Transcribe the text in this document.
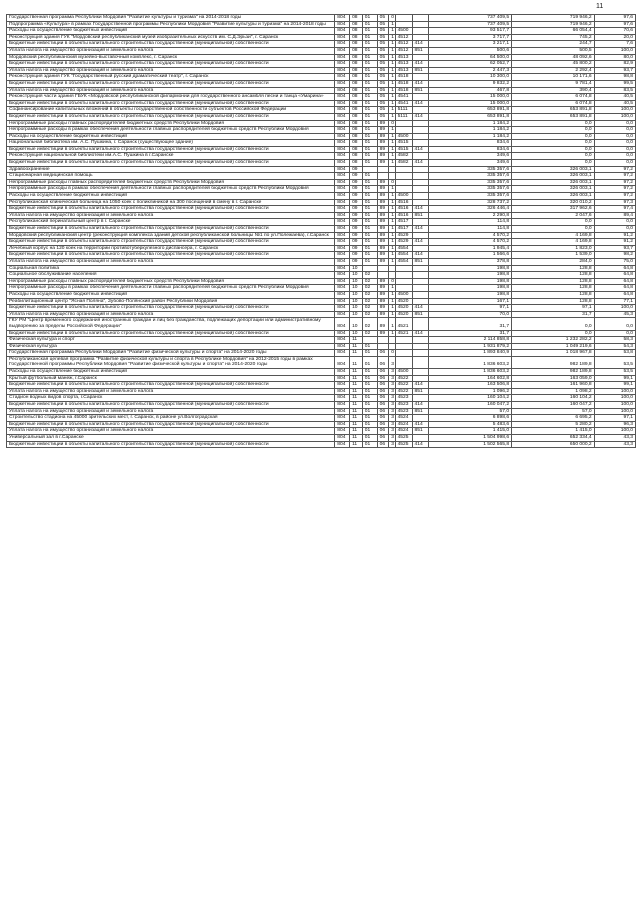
11
Государственная программа Республики Мордовия "Развитие культуры и туризма" на 2014-2018 годы	804	08	01	05	0			737 409,5	719 946,2	97,6
Подпрограмма «Культура» в рамках Государственной программы Республики Мордовия "Развитие культуры и туризма" на 2014-2018 годы	804	08	01	05	1			737 409,5	719 946,2	97,6
Расходы на осуществление бюджетных инвестиций	804	08	01	05	1	4500		93 517,7	66 054,4	70,6
Реконструкция здания ГУК "Мордовский республиканский музей изобразительных искусств им. С.Д.Эрьзи", г. Саранск	804	08	01	05	1	4512		3 717,7	745,2	20,0
Бюджетные инвестиции в объекты капитального строительства государственной (муниципальной) собственности	804	08	01	05	1	4512	414	3 217,1	244,7	7,6
Уплата налога на имущество организаций и земельного налога	804	08	01	05	1	4512	851	500,6	500,5	100,0
Мордовский республиканский музейно-выставочный комплекс, г. Саранск	804	08	01	05	1	4513		64 500,0	48 092,6	80,0
Бюджетные инвестиции в объекты капитального строительства государственной (муниципальной) собственности	804	08	01	05	1	4513	414	62 052,7	45 800,2	82,9
Уплата налога на имущество организаций и земельного налога	804	08	01	05	1	4513	851	2 447,3	2 292,4	93,7
Реконструкция здания ГУК "Государственный русский драматический театр", г. Саранск	804	08	01	05	1	4518		10 300,0	10 171,6	98,8
Бюджетные инвестиции в объекты капитального строительства государственной (муниципальной) собственности	804	08	01	05	1	4518	414	9 832,2	9 781,4	99,5
Уплата налога на имущество организаций и земельного налога	804	08	01	05	1	4518	851	467,8	390,4	83,5
Реконструкция части здания ГБУК «Мордовской республиканской филармонии для государственного ансамбля песни и танца «Умарина»	804	08	01	05	1	4541		15 000,0	6 074,8	40,5
Бюджетные инвестиции в объекты капитального строительства государственной (муниципальной) собственности	804	08	01	05	1	4541	414	15 000,0	6 074,8	40,5
Софинансирование капитальных вложений в объекты государственной собственности субъектов Российской Федерации	804	08	01	05	1	5111		653 891,8	653 891,8	100,0
Бюджетные инвестиции в объекты капитального строительства государственной (муниципальной) собственности	804	08	01	05	1	5111	414	653 891,8	653 891,8	100,0
Непрограммные расходы главных распорядителей бюджетных средств Республики Мордовия	804	08	01	89	0			1 184,2	0,0	0,0
Непрограммные расходы в рамках обеспечения деятельности главных распорядителей бюджетных средств Республики Мордовия	804	08	01	89	1			1 184,2	0,0	0,0
Расходы на осуществление бюджетных инвестиций	804	08	01	89	1	4500		1 184,2	0,0	0,0
Национальная библиотека им. А.С. Пушкина, г. Саранск (существующее здание)	804	08	01	89	1	4515		834,6	0,0	0,0
Бюджетные инвестиции в объекты капитального строительства государственной (муниципальной) собственности	804	08	01	89	1	4515	414	834,6	0,0	0,0
Реконструкция национальной библиотеки им.А.С. Пушкина в г.Саранске	804	08	01	89	1	4582		349,6	0,0	0,0
Бюджетные инвестиции в объекты капитального строительства государственной (муниципальной) собственности	804	08	01	89	1	4582	414	349,6	0,0	0,0
Здравоохранение	804	09						335 357,6	326 003,1	97,2
Стационарная медицинская помощь	804	09	01					335 357,6	326 003,1	97,2
Непрограммные расходы главных распорядителей бюджетных средств Республики Мордовия	804	09	01	89	0			335 357,6	326 003,1	97,2
Непрограммные расходы в рамках обеспечения деятельности главных распорядителей бюджетных средств Республики Мордовия	804	09	01	89	1			335 357,6	326 003,1	97,2
Расходы на осуществление бюджетных инвестиций	804	09	01	89	1	4500		335 357,6	326 003,1	97,2
Республиканская клиническая больница на 1050 коек с поликлиникой на 300 посещений в смену в г. Саранске	804	09	01	89	1	4516		328 737,2	320 010,2	97,3
Бюджетные инвестиции в объекты капитального строительства государственной (муниципальной) собственности	804	09	01	89	1	4516	414	326 446,4	317 962,6	97,4
Уплата налога на имущество организаций и земельного налога	804	09	01	89	1	4516	851	2 290,8	2 047,6	89,4
Республиканский перинатальный центр в г. Саранске	804	09	01	89	1	4517		114,8	0,0	0,0
Бюджетные инвестиции в объекты капитального строительства государственной (муниципальной) собственности	804	09	01	89	1	4517	414	114,8	0,0	0,0
Мордовский республиканский центр (реконструкция комплекса зданий детской республиканской больницы №1 по ул.Полежаева), г.Саранск	804	09	01	89	1	4529		4 570,2	4 169,8	91,2
Бюджетные инвестиции в объекты капитального строительства государственной (муниципальной) собственности	804	09	01	89	1	4529	414	4 570,2	4 169,8	91,2
Лечебный корпус на 120 коек на территории противотуберкулезного диспансера, г. Саранск	804	09	01	89	1	4554		1 945,4	1 823,0	93,7
Бюджетные инвестиции в объекты капитального строительства государственной (муниципальной) собственности	804	09	01	89	1	4554	414	1 566,6	1 539,0	98,2
Уплата налога на имущество организаций и земельного налога	804	09	01	89	1	4554	851	378,8	284,0	75,0
Социальная политика	804	10						198,8	128,8	64,8
Социальное обслуживание населения	804	10	02					198,8	128,8	64,8
Непрограммные расходы главных распорядителей бюджетных средств Республики Мордовия	804	10	02	89	0			198,8	128,8	64,8
Непрограммные расходы в рамках обеспечения деятельности главных распорядителей бюджетных средств Республики Мордовия	804	10	02	89	1			198,8	128,8	64,8
Расходы на осуществление бюджетных инвестиций	804	10	02	89	1	4500		198,8	128,8	64,8
Реабилитационный центр "Ясная Поляна", Зубово-Полянский район Республики Мордовия	804	10	02	89	1	4520		167,1	128,8	77,1
Бюджетные инвестиции в объекты капитального строительства государственной (муниципальной) собственности	804	10	02	89	1	4520	414	97,1	97,1	100,0
Уплата налога на имущество организаций и земельного налога	804	10	02	89	1	4520	851	70,0	31,7	45,3
ГКУ РМ "Центр временного содержания иностранных граждан и лиц без гражданства, подлежащих депортации или административному выдворению за пределы Российской Федерации"	804	10	02	89	1	4521		31,7	0,0	0,0
Бюджетные инвестиции в объекты капитального строительства государственной (муниципальной) собственности	804	10	02	89	1	4521	414	31,7	0,0	0,0
Физическая культура и спорт	804	11						2 114 858,8	1 232 282,2	58,3
Физическая культура	804	11	01					1 931 879,2	1 049 219,6	54,3
Государственная программа Республики Мордовия "Развитие физической культуры и спорта" на 2014-2020 годы	804	11	01	06	0			1 893 840,9	1 018 967,8	53,8
Республиканская целевая программа "Развитие физической культуры и спорта в Республике Мордовия" на 2012-2015 годы в рамках Государственной программы Республики Мордовия "Развитие физической культуры и спорта" на 2014-2020 годы	804	11	01	06	3			1 836 603,2	982 189,8	53,5
Расходы на осуществление бюджетных инвестиций	804	11	01	06	3	4500		1 836 603,2	982 189,8	53,5
Крытый футбольный манеж, г.Саранск	804	11	01	06	3	4522		164 602,8	163 059,0	99,1
Бюджетные инвестиции в объекты капитального строительства государственной (муниципальной) собственности	804	11	01	06	3	4522	414	163 506,8	161 960,8	99,1
Уплата налога на имущество организаций и земельного налога	804	11	01	06	3	4522	851	1 096,2	1 098,2	100,0
Стадион водных видов спорта, г.Саранск	804	11	01	06	3	4523		160 104,2	160 104,2	100,0
Бюджетные инвестиции в объекты капитального строительства государственной (муниципальной) собственности	804	11	01	06	3	4523	414	160 047,2	160 047,2	100,0
Уплата налога на имущество организаций и земельного налога	804	11	01	06	3	4523	851	57,0	57,0	100,0
Строительство стадиона на 45000 зрительских мест, г. Саранск, в районе ул.Волгоградская	804	11	01	06	3	4524		6 898,6	6 695,2	97,1
Бюджетные инвестиции в объекты капитального строительства государственной (муниципальной) собственности	804	11	01	06	3	4524	414	5 483,6	5 280,2	96,3
Уплата налога на имущество организаций и земельного налога	804	11	01	06	3	4524	851	1 415,0	1 415,0	100,0
Универсальный зал в г.Саранске	804	11	01	06	3	4525		1 504 998,6	652 334,4	43,3
Бюджетные инвестиции в объекты капитального строительства государственной (муниципальной) собственности	804	11	01	06	3	4525	414	1 502 565,8	650 000,2	43,3
